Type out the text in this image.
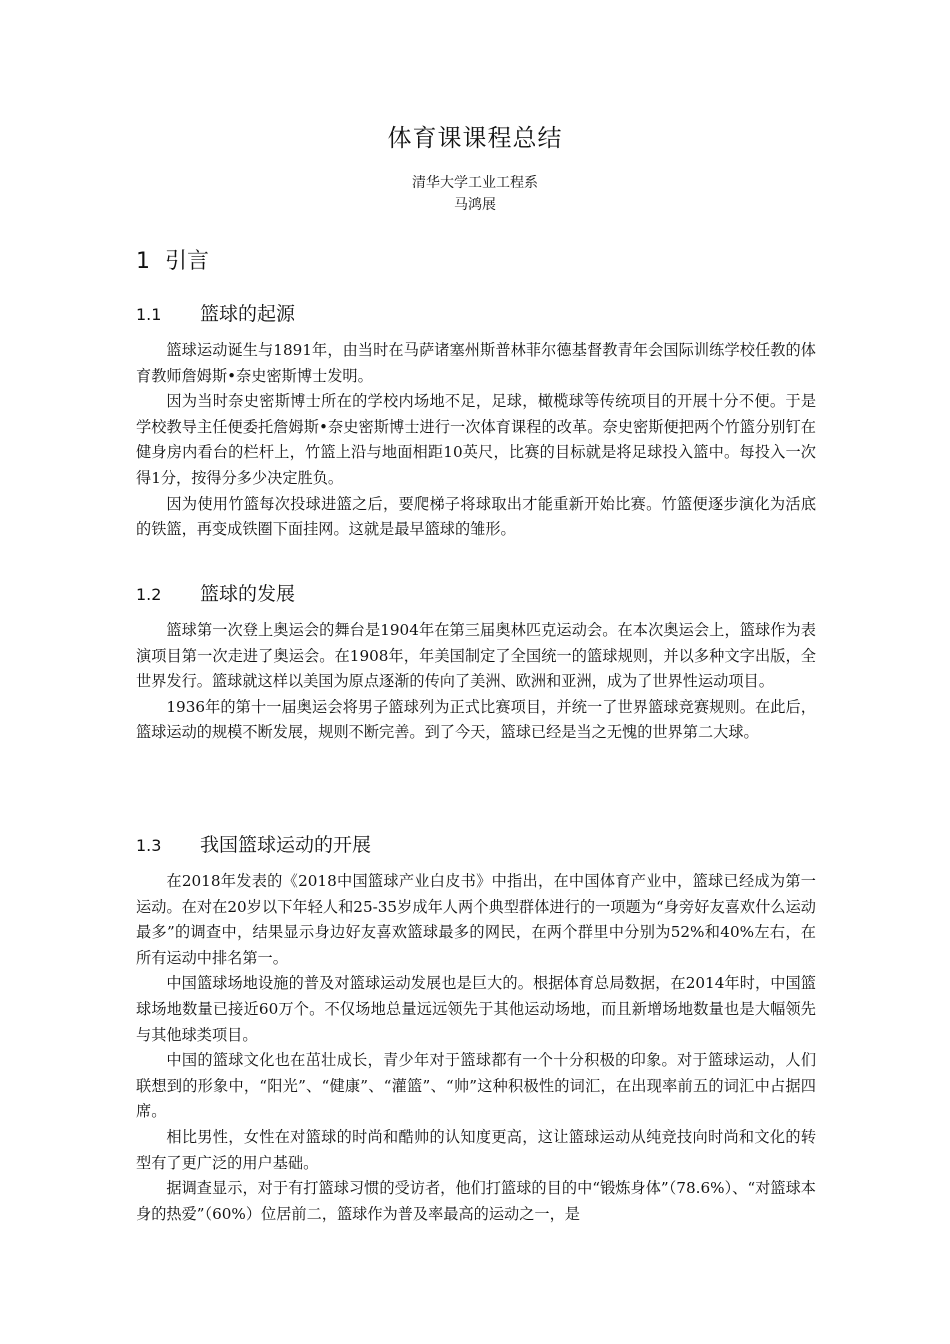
体育课课程总结
清华大学工业工程系
马鸿展
1 引言
1.1 篮球的起源

篮球运动诞生与1891年，由当时在马萨诸塞州斯普林菲尔德基督教青年会国际训练学校任教的体育教师詹姆斯•奈史密斯博士发明。

因为当时奈史密斯博士所在的学校内场地不足，足球，橄榄球等传统项目的开展十分不便。于是学校教导主任便委托詹姆斯•奈史密斯博士进行一次体育课程的改革。奈史密斯便把两个竹篮分别钉在健身房内看台的栏杆上，竹篮上沿与地面相距10英尺，比赛的目标就是将足球投入篮中。每投入一次得1分，按得分多少决定胜负。

因为使用竹篮每次投球进篮之后，要爬梯子将球取出才能重新开始比赛。竹篮便逐步演化为活底的铁篮，再变成铁圈下面挂网。这就是最早篮球的雏形。

1.2 篮球的发展

篮球第一次登上奥运会的舞台是1904年在第三届奥林匹克运动会。在本次奥运会上，篮球作为表演项目第一次走进了奥运会。在1908年，年美国制定了全国统一的篮球规则，并以多种文字出版，全世界发行。篮球就这样以美国为原点逐渐的传向了美洲、欧洲和亚洲，成为了世界性运动项目。

1936年的第十一届奥运会将男子篮球列为正式比赛项目，并统一了世界篮球竞赛规则。在此后，篮球运动的规模不断发展，规则不断完善。到了今天，篮球已经是当之无愧的世界第二大球。

1.3 我国篮球运动的开展

在2018年发表的《2018中国篮球产业白皮书》中指出，在中国体育产业中，篮球已经成为第一运动。在对在20岁以下年轻人和25-35岁成年人两个典型群体进行的一项题为“身旁好友喜欢什么运动最多”的调查中，结果显示身边好友喜欢篮球最多的网民，在两个群里中分别为52%和40%左右，在所有运动中排名第一。

中国篮球场地设施的普及对篮球运动发展也是巨大的。根据体育总局数据，在2014年时，中国篮球场地数量已接近60万个。不仅场地总量远远领先于其他运动场地，而且新增场地数量也是大幅领先与其他球类项目。

中国的篮球文化也在茁壮成长，青少年对于篮球都有一个十分积极的印象。对于篮球运动，人们联想到的形象中，“阳光”、“健康”、“灌篮”、“帅”这种积极性的词汇，在出现率前五的词汇中占据四席。

相比男性，女性在对篮球的时尚和酷帅的认知度更高，这让篮球运动从纯竞技向时尚和文化的转型有了更广泛的用户基础。

据调查显示，对于有打篮球习惯的受访者，他们打篮球的目的中“锻炼身体”（78.6%）、“对篮球本身的热爱”（60%）位居前二，篮球作为普及率最高的运动之一，是
